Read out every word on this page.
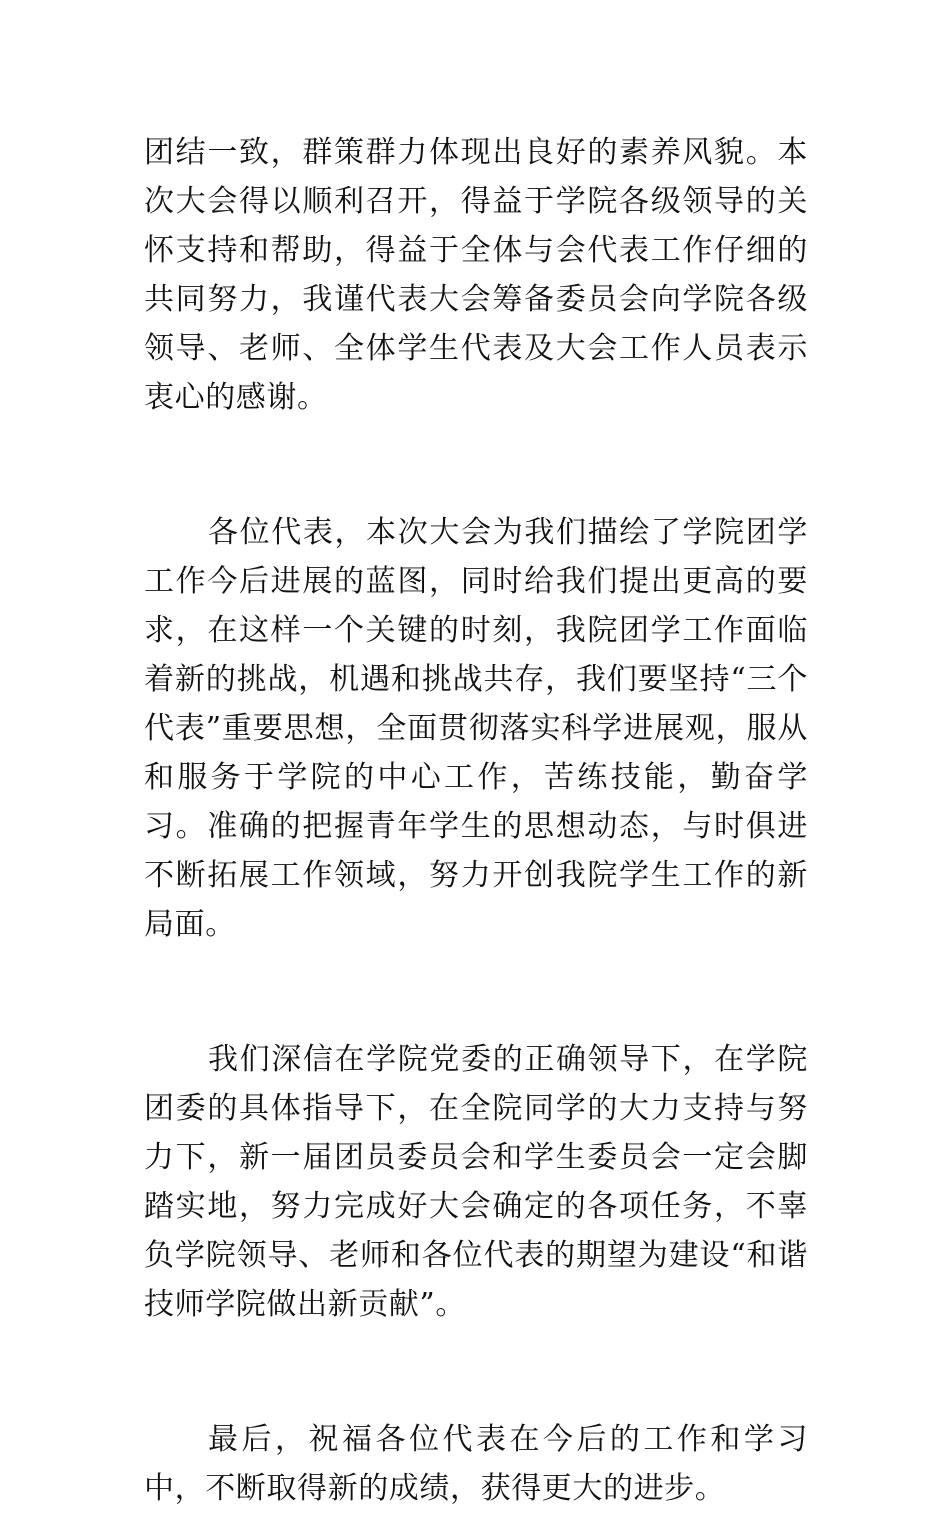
团结一致，群策群力体现出良好的素养风貌。本次大会得以顺利召开，得益于学院各级领导的关怀支持和帮助，得益于全体与会代表工作仔细的共同努力，我谨代表大会筹备委员会向学院各级领导、老师、全体学生代表及大会工作人员表示衷心的感谢。

各位代表，本次大会为我们描绘了学院团学工作今后进展的蓝图，同时给我们提出更高的要求，在这样一个关键的时刻，我院团学工作面临着新的挑战，机遇和挑战共存，我们要坚持“三个代表”重要思想，全面贯彻落实科学进展观，服从和服务于学院的中心工作，苦练技能，勤奋学习。准确的把握青年学生的思想动态，与时俱进不断拓展工作领域，努力开创我院学生工作的新局面。

我们深信在学院党委的正确领导下，在学院团委的具体指导下，在全院同学的大力支持与努力下，新一届团员委员会和学生委员会一定会脚踏实地，努力完成好大会确定的各项任务，不辜负学院领导、老师和各位代表的期望为建设“和谐技师学院做出新贡献”。

最后，祝福各位代表在今后的工作和学习中，不断取得新的成绩，获得更大的进步。
